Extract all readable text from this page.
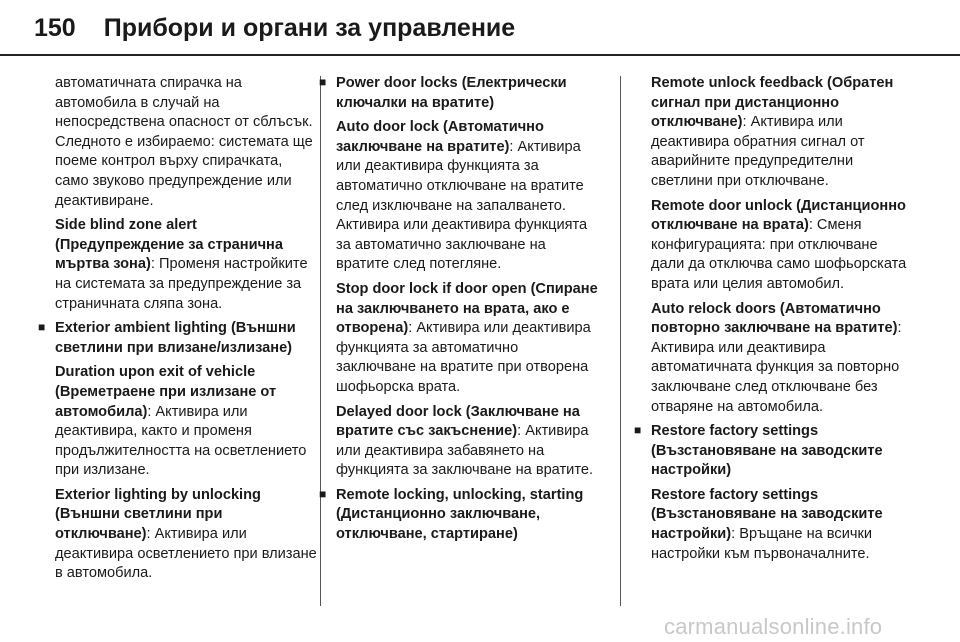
150 Прибори и органи за управление

автоматичната спирачка на автомобила в случай на непосредствена опасност от сблъсък. Следното е избираемо: системата ще поеме контрол върху спирачката, само звуково предупреждение или деактивиране.

Side blind zone alert (Предупреждение за странична мъртва зона): Променя настройките на системата за предупреждение за страничната сляпа зона.

■ Exterior ambient lighting (Външни светлини при влизане/излизане)

Duration upon exit of vehicle (Времетраене при излизане от автомобила): Активира или деактивира, както и променя продължителността на осветлението при излизане.

Exterior lighting by unlocking (Външни светлини при отключване): Активира или деактивира осветлението при влизане в автомобила.

■ Power door locks (Електрически ключалки на вратите)

Auto door lock (Автоматично заключване на вратите): Активира или деактивира функцията за автоматично отключване на вратите след изключване на запалването. Активира или деактивира функцията за автоматично заключване на вратите след потегляне.

Stop door lock if door open (Спиране на заключването на врата, ако е отворена): Активира или деактивира функцията за автоматично заключване на вратите при отворена шофьорска врата.

Delayed door lock (Заключване на вратите със закъснение): Активира или деактивира забавянето на функцията за заключване на вратите.

■ Remote locking, unlocking, starting (Дистанционно заключване, отключване, стартиране)

Remote unlock feedback (Обратен сигнал при дистанционно отключване): Активира или деактивира обратния сигнал от аварийните предупредителни светлини при отключване.

Remote door unlock (Дистанционно отключване на врата): Сменя конфигурацията: при отключване дали да отключва само шофьорската врата или целия автомобил.

Auto relock doors (Автоматично повторно заключване на вратите): Активира или деактивира автоматичната функция за повторно заключване след отключване без отваряне на автомобила.

■ Restore factory settings (Възстановяване на заводските настройки)

Restore factory settings (Възстановяване на заводските настройки): Връщане на всички настройки към първоначалните.

carmanualsonline.info
